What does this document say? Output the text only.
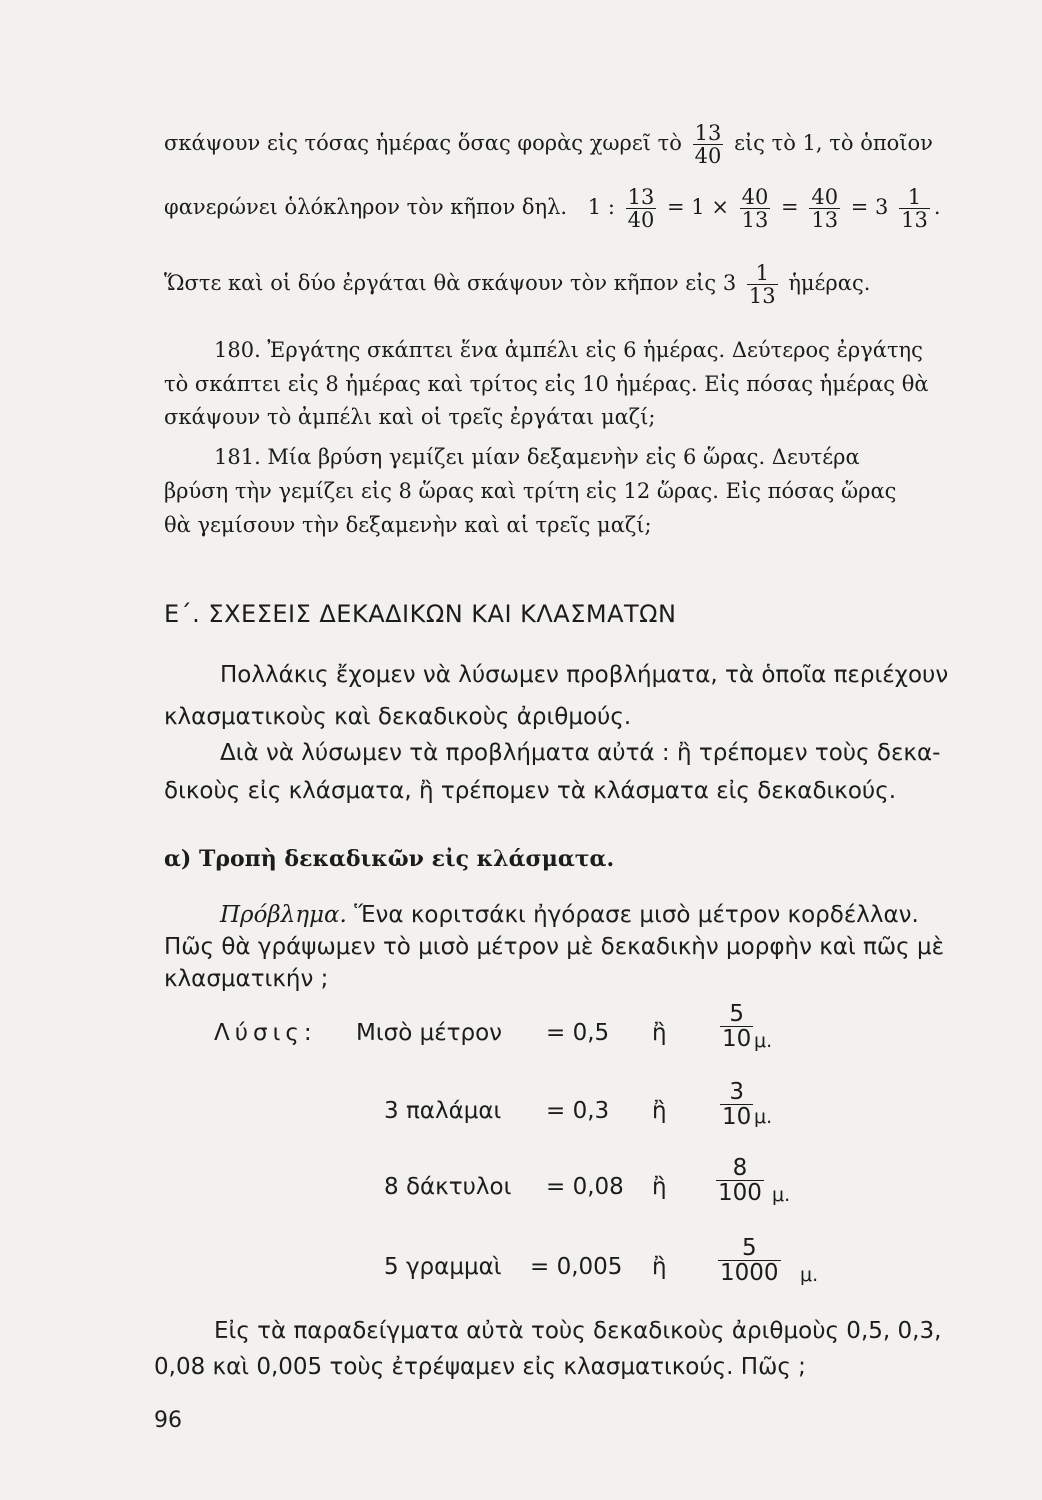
σκάψουν εἰς τόσας ἡμέρας ὅσας φορὰς χωρεῖ τὸ $\frac{13}{40}$ εἰς τὸ 1, τὸ ὁποῖον
φανερώνει ὁλόκληρον τὸν κῆπον δηλ. 1 : $\frac{13}{40} = 1 \times \frac{40}{13} = \frac{40}{13} = 3 \frac{1}{13}$ .
Ὥστε καὶ οἱ δύο ἐργάται θὰ σκάψουν τὸν κῆπον εἰς $3 \frac{1}{13}$ ἡμέρας.
180. Ἐργάτης σκάπτει ἕνα ἀμπέλι εἰς 6 ἡμέρας. Δεύτερος ἐργάτης
τὸ σκάπτει εἰς 8 ἡμέρας καὶ τρίτος εἰς 10 ἡμέρας. Εἰς πόσας ἡμέρας θὰ
σκάψουν τὸ ἀμπέλι καὶ οἱ τρεῖς ἐργάται μαζί;
181. Μία βρύση γεμίζει μίαν δεξαμενὴν εἰς 6 ὥρας. Δευτέρα
βρύση τὴν γεμίζει εἰς 8 ὥρας καὶ τρίτη εἰς 12 ὥρας. Εἰς πόσας ὥρας
θὰ γεμίσουν τὴν δεξαμενὴν καὶ αἱ τρεῖς μαζί;
Ε΄. ΣΧΕΣΕΙΣ ΔΕΚΑΔΙΚΩΝ ΚΑΙ ΚΛΑΣΜΑΤΩΝ
Πολλάκις ἔχομεν νὰ λύσωμεν προβλήματα, τὰ ὁποῖα περιέχουν
κλασματικοὺς καὶ δεκαδικοὺς ἀριθμούς.
Διὰ νὰ λύσωμεν τὰ προβλήματα αὐτά : ἢ τρέπομεν τοὺς δεκα-
δικοὺς εἰς κλάσματα, ἢ τρέπομεν τὰ κλάσματα εἰς δεκαδικούς.
α) Τροπὴ δεκαδικῶν εἰς κλάσματα.
Πρόβλημα. Ἕνα κοριτσάκι ἠγόρασε μισὸ μέτρον κορδέλλαν.
Πῶς θὰ γράψωμεν τὸ μισὸ μέτρον μὲ δεκαδικὴν μορφὴν καὶ πῶς μὲ
κλασματικήν ;
Λύσις: Μισὸ μέτρον = 0,5 ἢ $\frac{5}{10} \mu$.
3 παλάμαι = 0,3 ἢ $\frac{3}{10} \mu$.
8 δάκτυλοι = 0,08 ἢ $\frac{8}{100} \mu$.
5 γραμμαὶ = 0,005 ἢ $\frac{5}{1000} \mu$.
Εἰς τὰ παραδείγματα αὐτὰ τοὺς δεκαδικοὺς ἀριθμοὺς 0,5, 0,3,
0,08 καὶ 0,005 τοὺς ἐτρέψαμεν εἰς κλασματικούς. Πῶς ;
96
